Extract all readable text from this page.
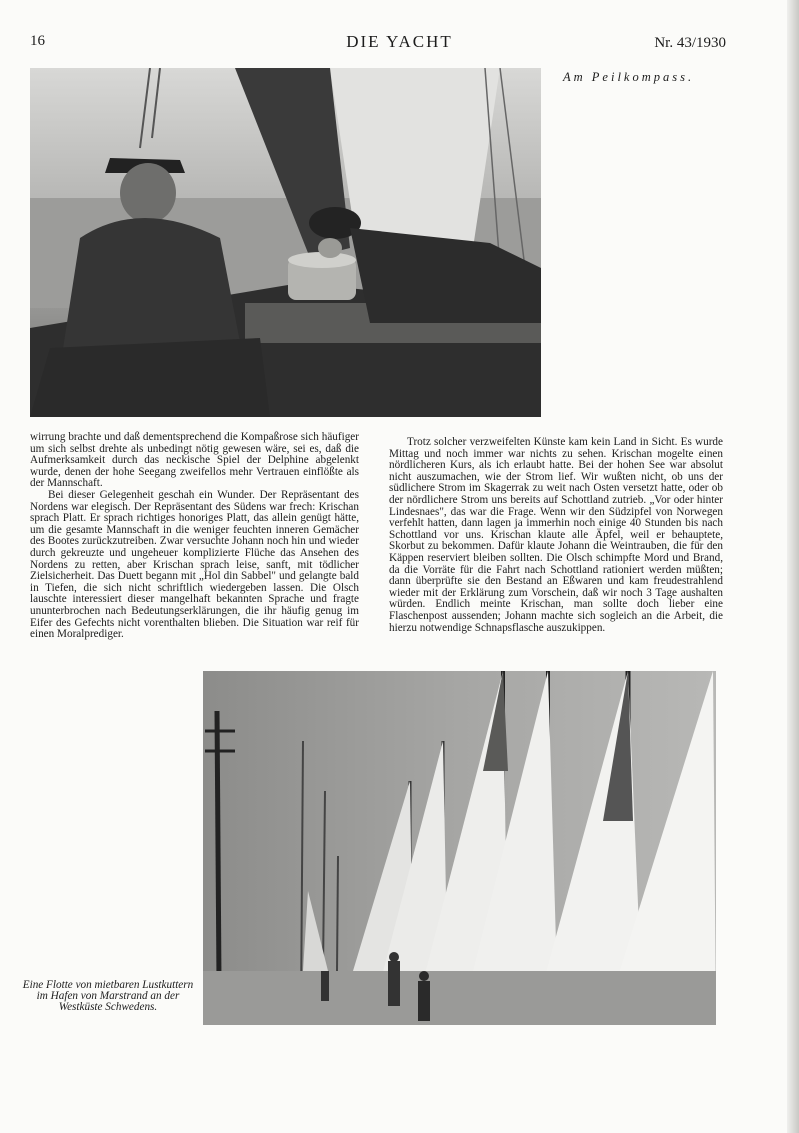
16	DIE YACHT	Nr. 43/1930
Am Peilkompass.

wirrung brachte und daß dementsprechend die Kompaßrose sich häufiger um sich selbst drehte als unbedingt nötig gewesen wäre, sei es, daß die Aufmerksamkeit durch das neckische Spiel der Delphine abgelenkt wurde, denen der hohe Seegang zweifellos mehr Vertrauen einflößte als der Mannschaft.

Bei dieser Gelegenheit geschah ein Wunder. Der Repräsentant des Nordens war elegisch. Der Repräsentant des Südens war frech: Krischan sprach Platt. Er sprach richtiges honoriges Platt, das allein genügt hätte, um die gesamte Mannschaft in die weniger feuchten inneren Gemächer des Bootes zurückzutreiben. Zwar versuchte Johann noch hin und wieder durch gekreuzte und ungeheuer komplizierte Flüche das Ansehen des Nordens zu retten, aber Krischan sprach leise, sanft, mit tödlicher Zielsicherheit. Das Duett begann mit „Hol din Sabbel" und gelangte bald in Tiefen, die sich nicht schriftlich wiedergeben lassen. Die Olsch lauschte interessiert dieser mangelhaft bekannten Sprache und fragte ununterbrochen nach Bedeutungserklärungen, die ihr häufig genug im Eifer des Gefechts nicht vorenthalten blieben. Die Situation war reif für einen Moralprediger.

Trotz solcher verzweifelten Künste kam kein Land in Sicht. Es wurde Mittag und noch immer war nichts zu sehen. Krischan mogelte einen nördlicheren Kurs, als ich erlaubt hatte. Bei der hohen See war absolut nicht auszumachen, wie der Strom lief. Wir wußten nicht, ob uns der südlichere Strom im Skagerrak zu weit nach Osten versetzt hatte, oder ob der nördlichere Strom uns bereits auf Schottland zutrieb. „Vor oder hinter Lindesnaes", das war die Frage. Wenn wir den Südzipfel von Norwegen verfehlt hatten, dann lagen ja immerhin noch einige 40 Stunden bis nach Schottland vor uns. Krischan klaute alle Äpfel, weil er behauptete, Skorbut zu bekommen. Dafür klaute Johann die Weintrauben, die für den Käppen reserviert bleiben sollten. Die Olsch schimpfte Mord und Brand, da die Vorräte für die Fahrt nach Schottland rationiert werden müßten; dann überprüfte sie den Bestand an Eßwaren und kam freudestrahlend wieder mit der Erklärung zum Vorschein, daß wir noch 3 Tage aushalten würden. Endlich meinte Krischan, man sollte doch lieber eine Flaschenpost aussenden; Johann machte sich sogleich an die Arbeit, die hierzu notwendige Schnapsflasche auszukippen.

Eine Flotte von mietbaren Lustkuttern im Hafen von Marstrand an der Westküste Schwedens.
